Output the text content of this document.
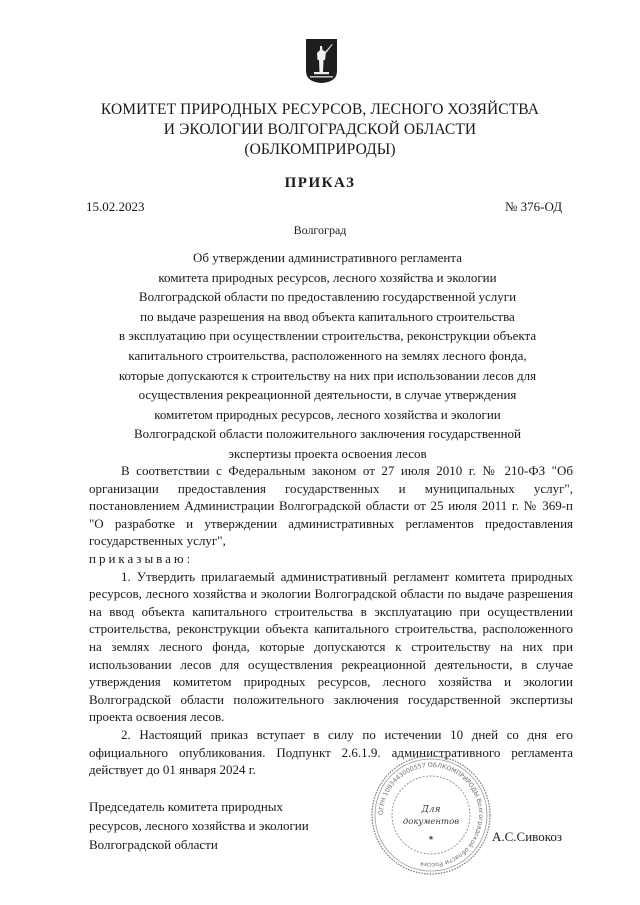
КОМИТЕТ ПРИРОДНЫХ РЕСУРСОВ, ЛЕСНОГО ХОЗЯЙСТВА
И ЭКОЛОГИИ ВОЛГОГРАДСКОЙ ОБЛАСТИ
(ОБЛКОМПРИРОДЫ)
ПРИКАЗ
15.02.2023	№ 376-ОД
Волгоград
Об утверждении административного регламента
комитета природных ресурсов, лесного хозяйства и экологии
Волгоградской области по предоставлению государственной услуги
по выдаче разрешения на ввод объекта капитального строительства
в эксплуатацию при осуществлении строительства, реконструкции объекта
капитального строительства, расположенного на землях лесного фонда,
которые допускаются к строительству на них при использовании лесов для
осуществления рекреационной деятельности, в случае утверждения
комитетом природных ресурсов, лесного хозяйства и экологии
Волгоградской области положительного заключения государственной
экспертизы проекта освоения лесов

В соответствии с Федеральным законом от 27 июля 2010 г. № 210-ФЗ "Об организации предоставления государственных и муниципальных услуг", постановлением Администрации Волгоградской области от 25 июля 2011 г. № 369-п "О разработке и утверждении административных регламентов предоставления государственных услуг",

приказываю:

1. Утвердить прилагаемый административный регламент комитета природных ресурсов, лесного хозяйства и экологии Волгоградской области по выдаче разрешения на ввод объекта капитального строительства в эксплуатацию при осуществлении строительства, реконструкции объекта капитального строительства, расположенного на землях лесного фонда, которые допускаются к строительству на них при использовании лесов для осуществления рекреационной деятельности, в случае утверждения комитетом природных ресурсов, лесного хозяйства и экологии Волгоградской области положительного заключения государственной экспертизы проекта освоения лесов.

2. Настоящий приказ вступает в силу по истечении 10 дней со дня его официального опубликования. Подпункт 2.6.1.9. административного регламента действует до 01 января 2024 г.

Председатель комитета природных
ресурсов, лесного хозяйства и экологии
Волгоградской области
А.С.Сивокоз
ОГРН 1093443000557 ОБЛКОМПРИРОДЫ Волгоградской области Россия
Для
документов
★
